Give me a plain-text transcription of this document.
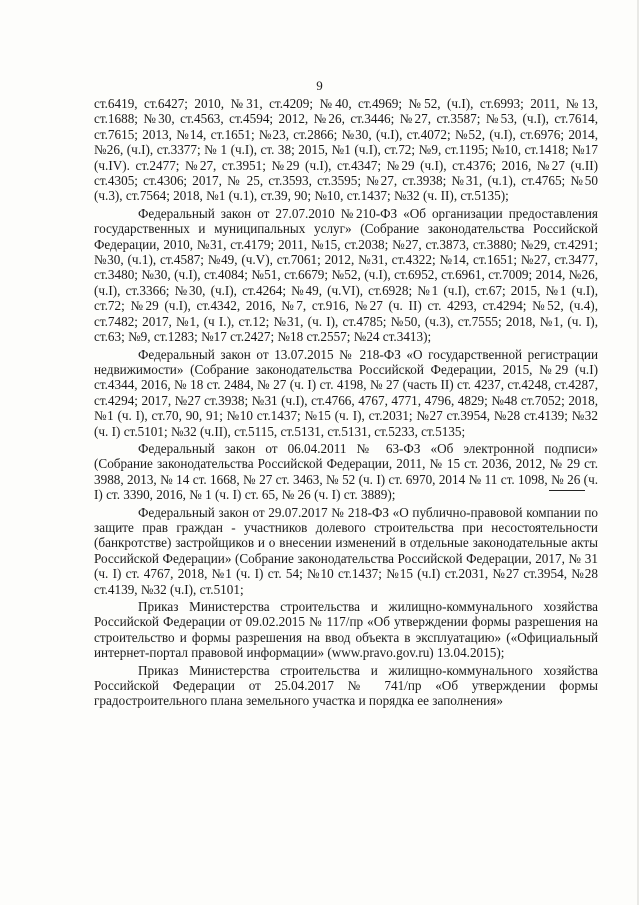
9

ст.6419, ст.6427; 2010, №31, ст.4209; №40, ст.4969; №52, (ч.I), ст.6993; 2011, №13, ст.1688; №30, ст.4563, ст.4594; 2012, №26, ст.3446; №27, ст.3587; №53, (ч.I), ст.7614, ст.7615; 2013, №14, ст.1651; №23, ст.2866; №30, (ч.I), ст.4072; №52, (ч.I), ст.6976; 2014, №26, (ч.I), ст.3377; № 1 (ч.I), ст. 38; 2015, №1 (ч.I), ст.72; №9, ст.1195; №10, ст.1418; №17 (ч.IV). ст.2477; №27, ст.3951; №29 (ч.I), ст.4347; №29 (ч.I), ст.4376; 2016, №27 (ч.II) ст.4305; ст.4306; 2017, № 25, ст.3593, ст.3595; №27, ст.3938; №31, (ч.1), ст.4765; №50 (ч.3), ст.7564; 2018, №1 (ч.1), ст.39, 90; №10, ст.1437; №32 (ч. II), ст.5135);

Федеральный закон от 27.07.2010 №210-ФЗ «Об организации предоставления государственных и муниципальных услуг» (Собрание законодательства Российской Федерации, 2010, №31, ст.4179; 2011, №15, ст.2038; №27, ст.3873, ст.3880; №29, ст.4291; №30, (ч.1), ст.4587; №49, (ч.V), ст.7061; 2012, №31, ст.4322; №14, ст.1651; №27, ст.3477, ст.3480; №30, (ч.I), ст.4084; №51, ст.6679; №52, (ч.I), ст.6952, ст.6961, ст.7009; 2014, №26, (ч.I), ст.3366; №30, (ч.I), ст.4264; №49, (ч.VI), ст.6928; №1 (ч.I), ст.67; 2015, №1 (ч.I), ст.72; №29 (ч.I), ст.4342, 2016, №7, ст.916, №27 (ч. II) ст. 4293, ст.4294; №52, (ч.4), ст.7482; 2017, №1, (ч I.), ст.12; №31, (ч. I), ст.4785; №50, (ч.3), ст.7555; 2018, №1, (ч. I), ст.63; №9, ст.1283; №17 ст.2427; №18 ст.2557; №24 ст.3413);

Федеральный закон от 13.07.2015 № 218-ФЗ «О государственной регистрации недвижимости» (Собрание законодательства Российской Федерации, 2015, №29 (ч.I) ст.4344, 2016, № 18 ст. 2484, № 27 (ч. I) ст. 4198, № 27 (часть II) ст. 4237, ст.4248, ст.4287, ст.4294; 2017, №27 ст.3938; №31 (ч.I), ст.4766, 4767, 4771, 4796, 4829; №48 ст.7052; 2018, №1 (ч. I), ст.70, 90, 91; №10 ст.1437; №15 (ч. I), ст.2031; №27 ст.3954, №28 ст.4139; №32 (ч. I) ст.5101; №32 (ч.II), ст.5115, ст.5131, ст.5131, ст.5233, ст.5135;

Федеральный закон от 06.04.2011 № 63-ФЗ «Об электронной подписи» (Собрание законодательства Российской Федерации, 2011, № 15 ст. 2036, 2012, № 29 ст. 3988, 2013, № 14 ст. 1668, № 27 ст. 3463, № 52 (ч. I) ст. 6970, 2014 № 11 ст. 1098, № 26 (ч. I) ст. 3390, 2016, № 1 (ч. I) ст. 65, № 26 (ч. I) ст. 3889);

Федеральный закон от 29.07.2017 № 218-ФЗ «О публично-правовой компании по защите прав граждан - участников долевого строительства при несостоятельности (банкротстве) застройщиков и о внесении изменений в отдельные законодательные акты Российской Федерации» (Собрание законодательства Российской Федерации, 2017, № 31 (ч. I) ст. 4767, 2018, №1 (ч. I) ст. 54; №10 ст.1437; №15 (ч.I) ст.2031, №27 ст.3954, №28 ст.4139, №32 (ч.I), ст.5101;

Приказ Министерства строительства и жилищно-коммунального хозяйства Российской Федерации от 09.02.2015 № 117/пр «Об утверждении формы разрешения на строительство и формы разрешения на ввод объекта в эксплуатацию» («Официальный интернет-портал правовой информации» (www.pravo.gov.ru) 13.04.2015);

Приказ Министерства строительства и жилищно-коммунального хозяйства Российской Федерации от 25.04.2017 № 741/пр «Об утверждении формы градостроительного плана земельного участка и порядка ее заполнения»
